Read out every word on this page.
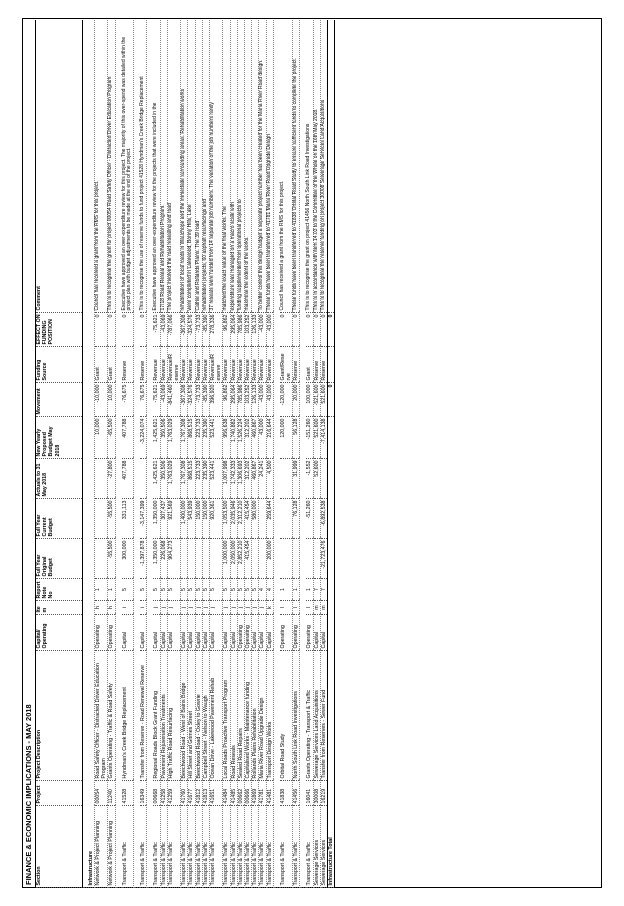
FINANCE & ECONOMIC IMPLICATIONS - MAY 2018 Section	Project	Project Description	Capital/ Operating	Item	Report Note No	Full Year Original Budget	Full Year Current Budget	Actuals to 31 May 2018	New Yearly Proposed Budget May 2018	Movement	Funding Source	EFFECT ON FUNDING POSITION	Comment
Infrastructure													
Network & Project Planning	00054	Road Safety Officer - Distracted Driver Education Program	Operating	h	1				10,000	-10,000	Grant	0	Council has received a grant from the RMS for this project.
Network & Project Planning	11240	Grants Operating - Traffic & Road Safety	Operating	h	1	-55,500	-55,500	-27,800	-65,500	10,000	Grant	0	This is to recognise the grant for project 00054 Road Safety Officer - Distracted Driver Education Program

Transport & Traffic	41528	Hyndman's Creek Bridge Replacement	Capital	i	5	300,000	331,113	407,788	407,788	-76,675	Reserve	0	Executive have approved an over-expenditure review for this project. The majority of this over-spend was detailed within the project plan with budget adjustments to be made at the end of the project.

Transport & Traffic	16349	Transfer from Reserve - Road Renewal Reserve	Capital	i	5	-1,397,878	-3,147,399		-3,224,074	76,675	Reserve	0	This is to recognise the use of reserve funds to fund project 41528 Hyndman's Creek Bridge Replacement

Transport & Traffic	00668	Regional Roads Block Grant Funding	Capital	j	5	1,350,000	1,350,000	1,425,621	1,425,621	-75,621	Revenue	-75,621	Executive have approved an over-expenditure review for the projects that were included in the
Transport & Traffic	41258	Pavement Rejuvenation Treatments	Capital	j	5	226,068	307,437	350,506	350,506	-43,069	Revenue	-43,069	17/18 Road Reseal and Rehabilitation Program.
Transport & Traffic	41259	High Traffic Road Resurfacing	Capital	j	5	904,273	921,569	1,763,029	1,763,029	-841,460	Revenue/R eserve	-787,066	The project involved the road resealing and road
Transport & Traffic	41760	Beechwood Road - West of Bains Bridge	Capital	j	5		1,400,000	1,767,308	1,767,308	-367,308	Revenue	-367,308	rehabilitation of local roads in Wauchope and the immediate surrounding areas. Rehabilitation works
Transport & Traffic	41677	Hill Street and Grimes Street	Capital	j	5		543,939	868,515	868,515	-324,576	Revenue	-324,576	were completed in Lakewood, Bonny Hills, Lake
Transport & Traffic	41812	Beechwood Road - Oxley to Gowrie	Capital	j	5		150,000	223,733	223,733	-73,733	Revenue	-73,733	Cathie and Rollands Plains. The 39 road
Transport & Traffic	41813	Campbell Street - Nelson to Waugh	Capital	j	5		150,000	235,390	235,390	-85,390	Revenue	-85,390	rehabilitation projects, 60 asphalt resurfacings and
Transport & Traffic	41651	Ocean Drive - Lakewood Pavement Rehab	Capital	j	5		920,361	523,441	523,441	396,920	Revenue/R eserve	278,336	37 reseals were funded from 14 separate job numbers. The variation of the job numbers rarely
Transport & Traffic	41484	Local Roads Proactive Transport Program	Capital	j	5	1,000,000	1,053,500	1,007,998	956,638	96,862	Revenue	96,862	matched the exact value of the final works. The
Transport & Traffic	41485	Road Reseals	Capital	j	5	2,050,000	2,035,946	1,742,333	1,740,882	295,064	Revenue	295,064	expenditure was managed on a macro scale with
Transport & Traffic	00662	Sealed Road Repairs	Operating	j	5	2,852,210	2,312,210	1,306,693	1,526,224	785,986	Revenue	785,986	funding supplemented from operational projects to
Transport & Traffic	00666	Capitalised Works - Maintenance funding	Operating	j	5	415,454	415,454	312,202	312,202	103,252	Revenue	103,252	maximise the extent of the works.
Transport & Traffic	41869	Rollands Plains Rehabilitation	Capital	j	5		580,000	460,867	460,867	126,133	Revenue	126,133	
Transport & Traffic	41781	Maria River Road Upgrade Design	Capital	j	4			24,241	43,000	-43,000	Revenue	-43,000	To better control this design budget a separate project number has been created for the Maria River Road design.
Transport & Traffic	41481	Transport Design Works	Capital	k	4	200,000	259,644	4,500	216,644	43,000	Revenue	43,000	These funds have been transferred to 41781 Maria River Road Upgrade Design

Transport & Traffic	41838	Orbital Road Study	Operating	l	1				120,000	-120,000	Grant/Rese rve	0	Council has received a grant from the RMS for this project.
Transport & Traffic	41456	North South Link Road Investigations	Operating	l	1		76,128	31,999	56,128	20,000	Reserve	0	These funds have been transferred to 41838 Orbital Road Study to ensure sufficient funds to complete the project.

Transport & Traffic	16041	Grants Operating - Transport & Traffic	Operating	l	1		-51,260	-1,552	-151,260	100,000	Grant	0	This is to recognise the grant on project 41456 North South Link Road Investigations
Sewerage Services	30008	Sewerage Services Land Acquisitions	Capital	m	7			52,600	521,600	-521,600	Reserve	0	This is in accordance with item 14.03 to the Committee of the Whole on the 16th May 2018.
Sewerage Services	16219	Transfer from Reserves - Sewer Fund	Capital	m	7	-21,723,476	-6,892,538		-7,414,138	521,600	Reserve	0	This is to recognise the reserve funding on project 30008 Sewerage Services Land Acquisitions
Infrastructure Total										0		0	
